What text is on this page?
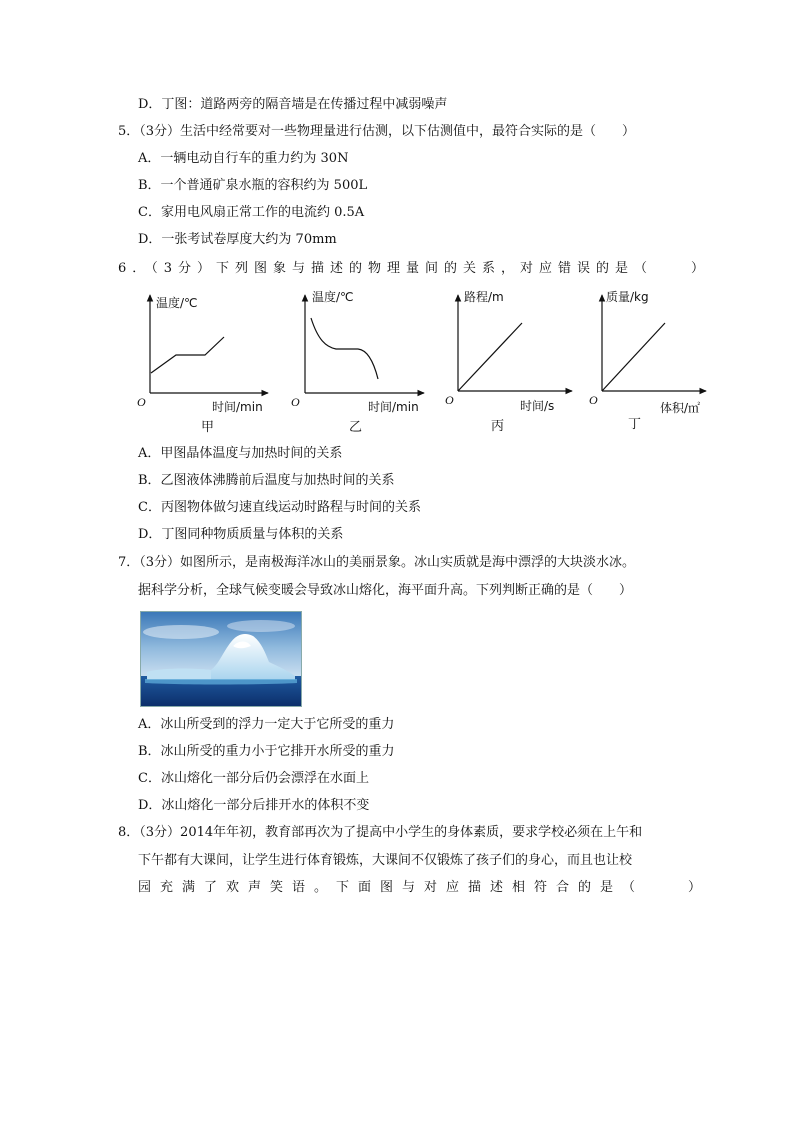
D．丁图：道路两旁的隔音墙是在传播过程中减弱噪声
5．（3分）生活中经常要对一些物理量进行估测，以下估测值中，最符合实际的是（　　）
A．一辆电动自行车的重力约为 30N
B．一个普通矿泉水瓶的容积约为 500L
C．家用电风扇正常工作的电流约 0.5A
D．一张考试卷厚度大约为 70mm
6．（3分）下列图象与描述的物理量间的关系，对应错误的是（　　）
温度/℃
时间/min
O
甲
温度/℃
时间/min
O
乙
路程/m
时间/s
O
丙
质量/kg
体积/㎡
O
丁
A．甲图晶体温度与加热时间的关系
B．乙图液体沸腾前后温度与加热时间的关系
C．丙图物体做匀速直线运动时路程与时间的关系
D．丁图同种物质质量与体积的关系
7．（3分）如图所示，是南极海洋冰山的美丽景象。冰山实质就是海中漂浮的大块淡水冰。
据科学分析，全球气候变暖会导致冰山熔化，海平面升高。下列判断正确的是（　　）
A．冰山所受到的浮力一定大于它所受的重力
B．冰山所受的重力小于它排开水所受的重力
C．冰山熔化一部分后仍会漂浮在水面上
D．冰山熔化一部分后排开水的体积不变
8．（3分）2014年年初，教育部再次为了提高中小学生的身体素质，要求学校必须在上午和
下午都有大课间，让学生进行体育锻炼，大课间不仅锻炼了孩子们的身心，而且也让校
园充满了欢声笑语。下面图与对应描述相符合的是（　　）
